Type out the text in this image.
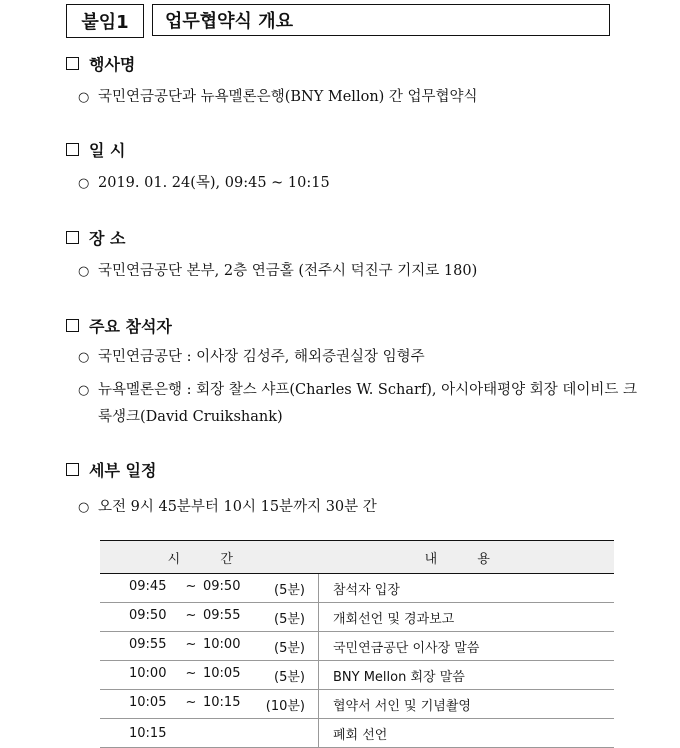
붙임1	업무협약식 개요
행사명
○ 국민연금공단과 뉴욕멜론은행(BNY Mellon) 간 업무협약식
일 시
○ 2019. 01. 24(목), 09:45 ~ 10:15
장 소
○ 국민연금공단 본부, 2층 연금홀 (전주시 덕진구 기지로 180)
주요 참석자
○ 국민연금공단 : 이사장 김성주, 해외증권실장 임형주
○ 뉴욕멜론은행 : 회장 찰스 샤프(Charles W. Scharf), 아시아태평양 회장 데이비드 크룩생크(David Cruikshank)
세부 일정
○ 오전 9시 45분부터 10시 15분까지 30분 간
시 간	내 용

09:45 ~ 09:50 (5분)	참석자 입장

09:50 ~ 09:55 (5분)	개회선언 및 경과보고

09:55 ~ 10:00 (5분)	국민연금공단 이사장 말씀

10:00 ~ 10:05 (5분)	BNY Mellon 회장 말씀

10:05 ~ 10:15 (10분)	협약서 서인 및 기념촬영

10:15	폐회 선언
